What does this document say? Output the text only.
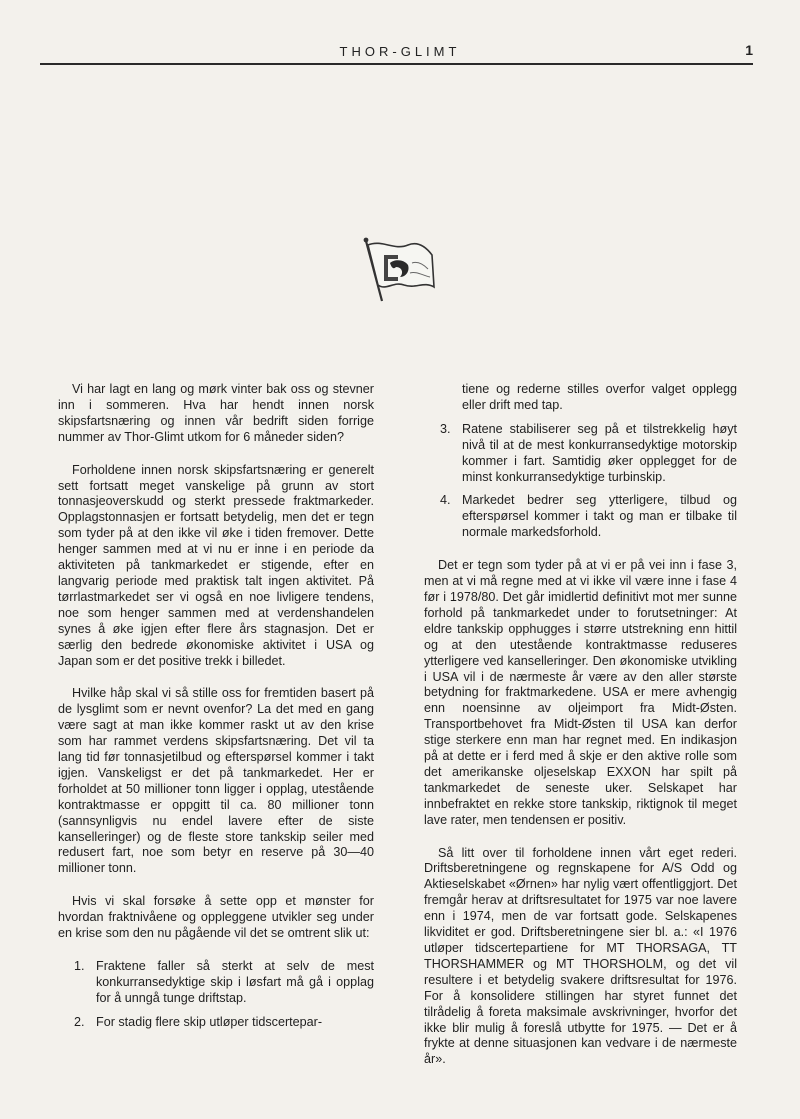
THOR-GLIMT	1

Vi har lagt en lang og mørk vinter bak oss og stevner inn i sommeren. Hva har hendt innen norsk skipsfartsnæring og innen vår bedrift siden forrige nummer av Thor-Glimt utkom for 6 måneder siden?

Forholdene innen norsk skipsfartsnæring er generelt sett fortsatt meget vanskelige på grunn av stort tonnasjeoverskudd og sterkt pressede fraktmarkeder. Opplagstonnasjen er fortsatt betydelig, men det er tegn som tyder på at den ikke vil øke i tiden fremover. Dette henger sammen med at vi nu er inne i en periode da aktiviteten på tankmarkedet er stigende, efter en langvarig periode med praktisk talt ingen aktivitet. På tørrlastmarkedet ser vi også en noe livligere tendens, noe som henger sammen med at verdenshandelen synes å øke igjen efter flere års stagnasjon. Det er særlig den bedrede økonomiske aktivitet i USA og Japan som er det positive trekk i billedet.

Hvilke håp skal vi så stille oss for fremtiden basert på de lysglimt som er nevnt ovenfor? La det med en gang være sagt at man ikke kommer raskt ut av den krise som har rammet verdens skipsfartsnæring. Det vil ta lang tid før tonnasjetilbud og efterspørsel kommer i takt igjen. Vanskeligst er det på tankmarkedet. Her er forholdet at 50 millioner tonn ligger i opplag, utestående kontraktmasse er oppgitt til ca. 80 millioner tonn (sannsynligvis nu endel lavere efter de siste kanselleringer) og de fleste store tankskip seiler med redusert fart, noe som betyr en reserve på 30—40 millioner tonn.

Hvis vi skal forsøke å sette opp et mønster for hvordan fraktnivåene og oppleggene utvikler seg under en krise som den nu pågående vil det se omtrent slik ut:

1. Fraktene faller så sterkt at selv de mest konkurransedyktige skip i løsfart må gå i opplag for å unngå tunge driftstap.
2. For stadig flere skip utløper tidscertepar-
tiene og rederne stilles overfor valget opplegg eller drift med tap.
3. Ratene stabiliserer seg på et tilstrekkelig høyt nivå til at de mest konkurransedyktige motorskip kommer i fart. Samtidig øker opplegget for de minst konkurransedyktige turbinskip.
4. Markedet bedrer seg ytterligere, tilbud og efterspørsel kommer i takt og man er tilbake til normale markedsforhold.

Det er tegn som tyder på at vi er på vei inn i fase 3, men at vi må regne med at vi ikke vil være inne i fase 4 før i 1978/80. Det går imidlertid definitivt mot mer sunne forhold på tankmarkedet under to forutsetninger: At eldre tankskip opphugges i større utstrekning enn hittil og at den utestående kontraktmasse reduseres ytterligere ved kanselleringer. Den økonomiske utvikling i USA vil i de nærmeste år være av den aller største betydning for fraktmarkedene. USA er mere avhengig enn noensinne av oljeimport fra Midt-Østen. Transportbehovet fra Midt-Østen til USA kan derfor stige sterkere enn man har regnet med. En indikasjon på at dette er i ferd med å skje er den aktive rolle som det amerikanske oljeselskap EXXON har spilt på tankmarkedet de seneste uker. Selskapet har innbefraktet en rekke store tankskip, riktignok til meget lave rater, men tendensen er positiv.

Så litt over til forholdene innen vårt eget rederi. Driftsberetningene og regnskapene for A/S Odd og Aktieselskabet «Ørnen» har nylig vært offentliggjort. Det fremgår herav at driftsresultatet for 1975 var noe lavere enn i 1974, men de var fortsatt gode. Selskapenes likviditet er god. Driftsberetningene sier bl. a.: «I 1976 utløper tidscertepartiene for MT THORSAGA, TT THORSHAMMER og MT THORSHOLM, og det vil resultere i et betydelig svakere driftsresultat for 1976. For å konsolidere stillingen har styret funnet det tilrådelig å foreta maksimale avskrivninger, hvorfor det ikke blir mulig å foreslå utbytte for 1975. — Det er å frykte at denne situasjonen kan vedvare i de nærmeste år».
